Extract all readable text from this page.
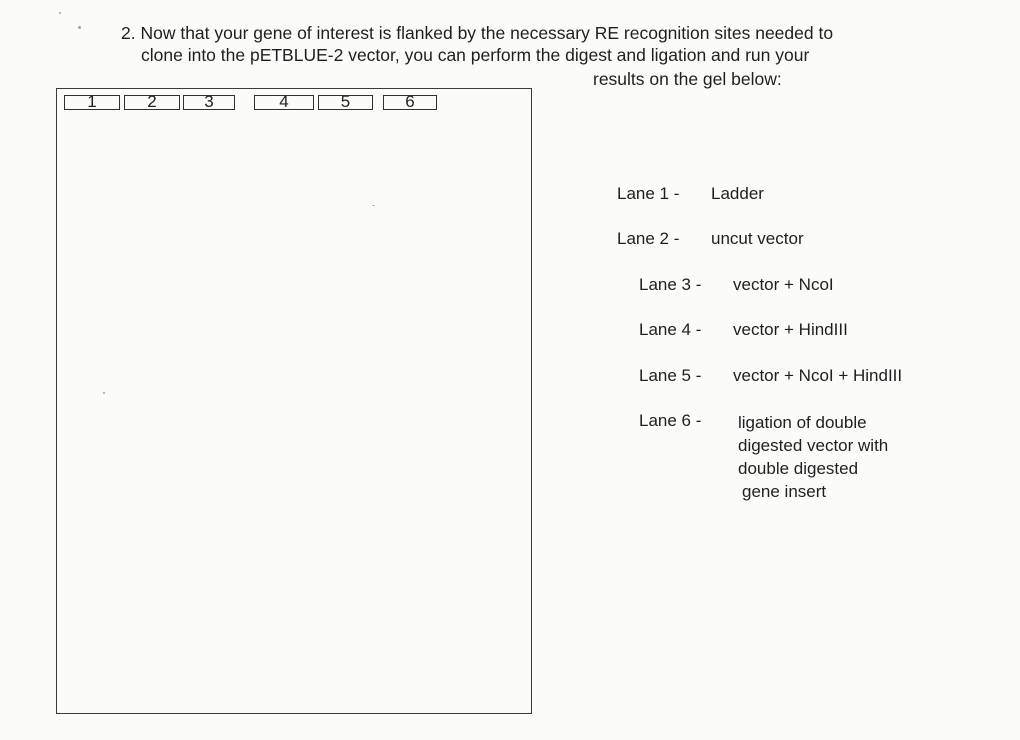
2. Now that your gene of interest is flanked by the necessary RE recognition sites needed to
clone into the pETBLUE-2 vector, you can perform the digest and ligation and run your
results on the gel below:
1	2	3	4	5	6
Lane 1 - Ladder
Lane 2 - uncut vector
Lane 3 - vector + NcoI
Lane 4 - vector + HindIII
Lane 5 - vector + NcoI + HindIII
Lane 6 - ligation of double
digested vector with
double digested
gene insert
